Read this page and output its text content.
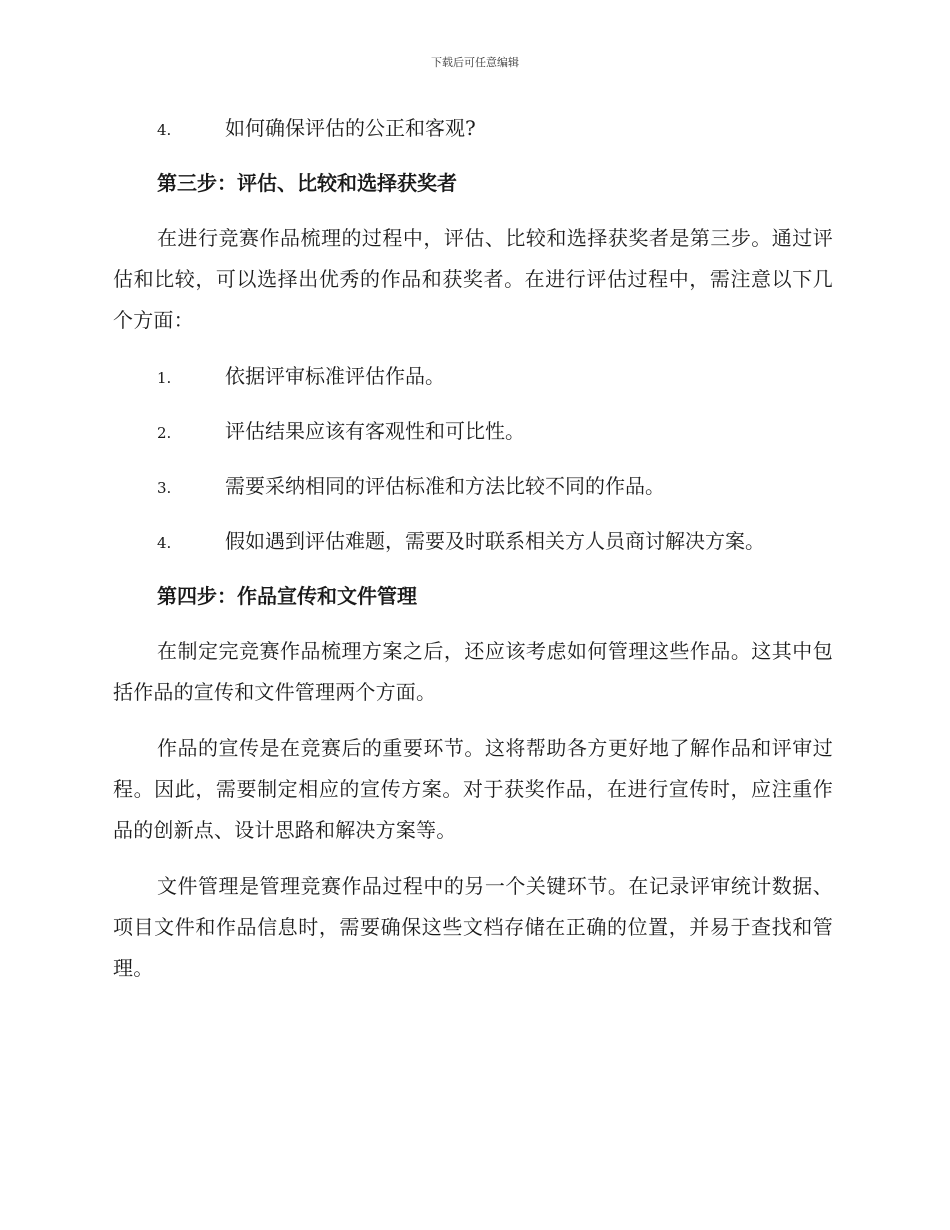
下载后可任意编辑
4.	如何确保评估的公正和客观?
第三步：评估、比较和选择获奖者

在进行竞赛作品梳理的过程中，评估、比较和选择获奖者是第三步。通过评估和比较，可以选择出优秀的作品和获奖者。在进行评估过程中，需注意以下几个方面：

1.	依据评审标准评估作品。
2.	评估结果应该有客观性和可比性。
3.	需要采纳相同的评估标准和方法比较不同的作品。
4.	假如遇到评估难题，需要及时联系相关方人员商讨解决方案。
第四步：作品宣传和文件管理

在制定完竞赛作品梳理方案之后，还应该考虑如何管理这些作品。这其中包括作品的宣传和文件管理两个方面。

作品的宣传是在竞赛后的重要环节。这将帮助各方更好地了解作品和评审过程。因此，需要制定相应的宣传方案。对于获奖作品，在进行宣传时，应注重作品的创新点、设计思路和解决方案等。

文件管理是管理竞赛作品过程中的另一个关键环节。在记录评审统计数据、项目文件和作品信息时，需要确保这些文档存储在正确的位置，并易于查找和管理。
